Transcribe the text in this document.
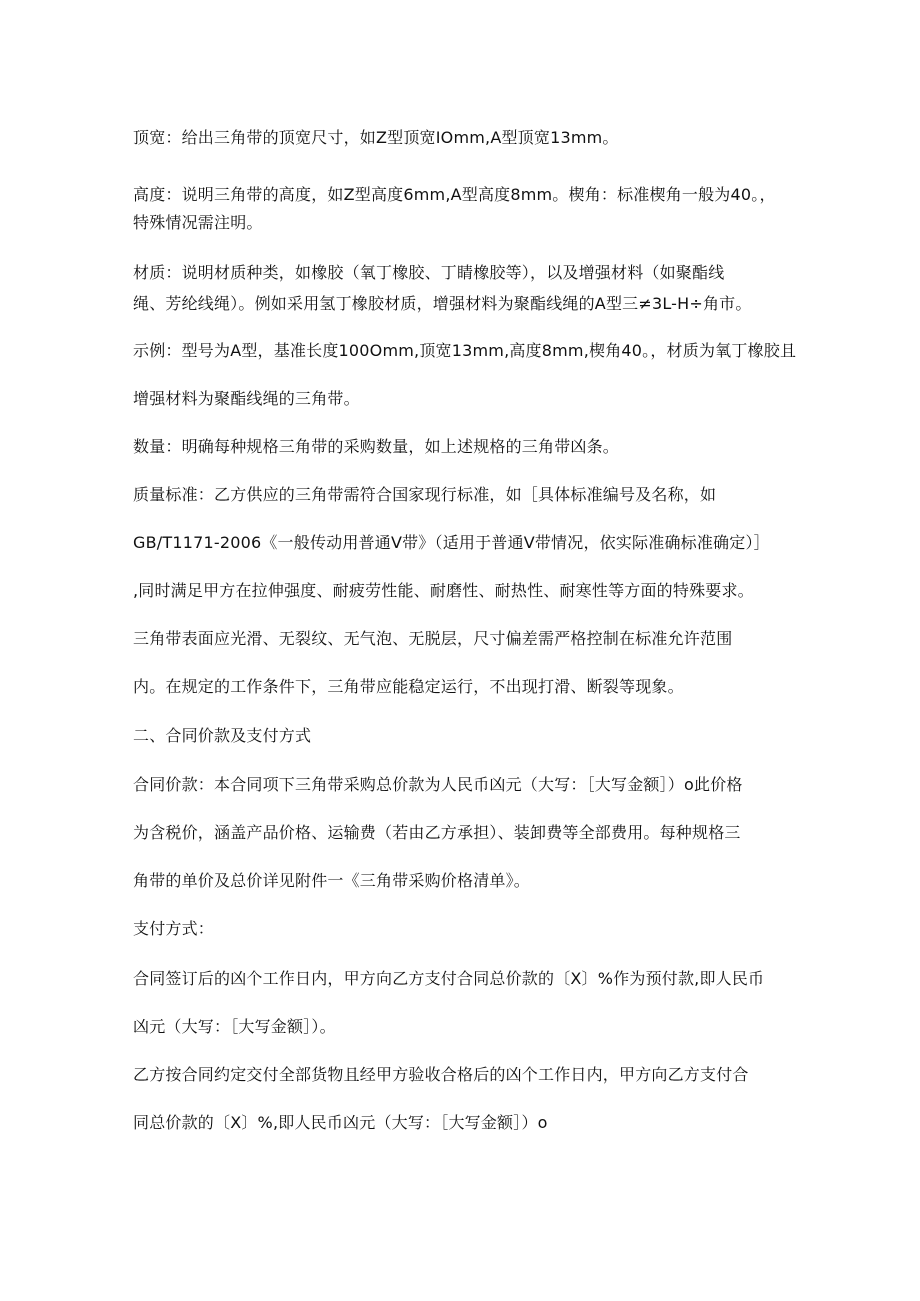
顶宽：给出三角带的顶宽尺寸，如Z型顶宽IOmm,A型顶宽13mm。
高度：说明三角带的高度，如Z型高度6mm,A型高度8mm。楔角：标准楔角一般为40。，
特殊情况需注明。
材质：说明材质种类，如橡胶（氧丁橡胶、丁睛橡胶等），以及增强材料（如聚酯线
绳、芳纶线绳）。例如采用氢丁橡胶材质，增强材料为聚酯线绳的A型三≠3L-H÷角市。
示例：型号为A型，基准长度100Omm,顶宽13mm,高度8mm,楔角40。，材质为氧丁橡胶且
增强材料为聚酯线绳的三角带。
数量：明确每种规格三角带的采购数量，如上述规格的三角带凶条。
质量标准：乙方供应的三角带需符合国家现行标准，如［具体标准编号及名称，如
GB/T1171-2006《一般传动用普通V带》（适用于普通V带情况，依实际准确标准确定）］
,同时满足甲方在拉伸强度、耐疲劳性能、耐磨性、耐热性、耐寒性等方面的特殊要求。
三角带表面应光滑、无裂纹、无气泡、无脱层，尺寸偏差需严格控制在标准允许范围
内。在规定的工作条件下，三角带应能稳定运行，不出现打滑、断裂等现象。
二、合同价款及支付方式
合同价款：本合同项下三角带采购总价款为人民币凶元（大写：［大写金额］）o此价格
为含税价，涵盖产品价格、运输费（若由乙方承担）、装卸费等全部费用。每种规格三
角带的单价及总价详见附件一《三角带采购价格清单》。
支付方式：
合同签订后的凶个工作日内，甲方向乙方支付合同总价款的〔X〕%作为预付款,即人民币
凶元（大写：［大写金额］）。
乙方按合同约定交付全部货物且经甲方验收合格后的凶个工作日内，甲方向乙方支付合
同总价款的〔X〕%,即人民币凶元（大写：［大写金额］）o
